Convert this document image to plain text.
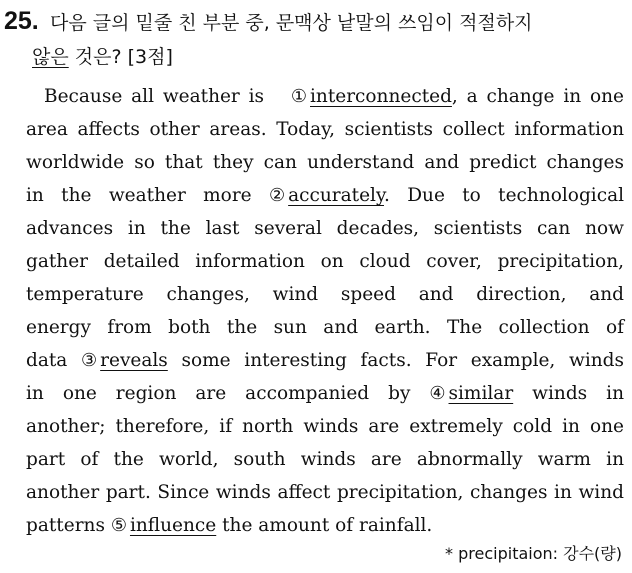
25. 다음 글의 밑줄 친 부분 중, 문맥상 낱말의 쓰임이 적절하지
않은 것은? [3점]
Because all weather is ① interconnected, a change in one
area affects other areas. Today, scientists collect information
worldwide so that they can understand and predict changes
in the weather more ② accurately. Due to technological
advances in the last several decades, scientists can now
gather detailed information on cloud cover, precipitation,
temperature changes, wind speed and direction, and
energy from both the sun and earth. The collection of
data ③ reveals some interesting facts. For example, winds
in one region are accompanied by ④ similar winds in
another; therefore, if north winds are extremely cold in one
part of the world, south winds are abnormally warm in
another part. Since winds affect precipitation, changes in wind
patterns ⑤ influence the amount of rainfall.
* precipitaion: 강수(량)
